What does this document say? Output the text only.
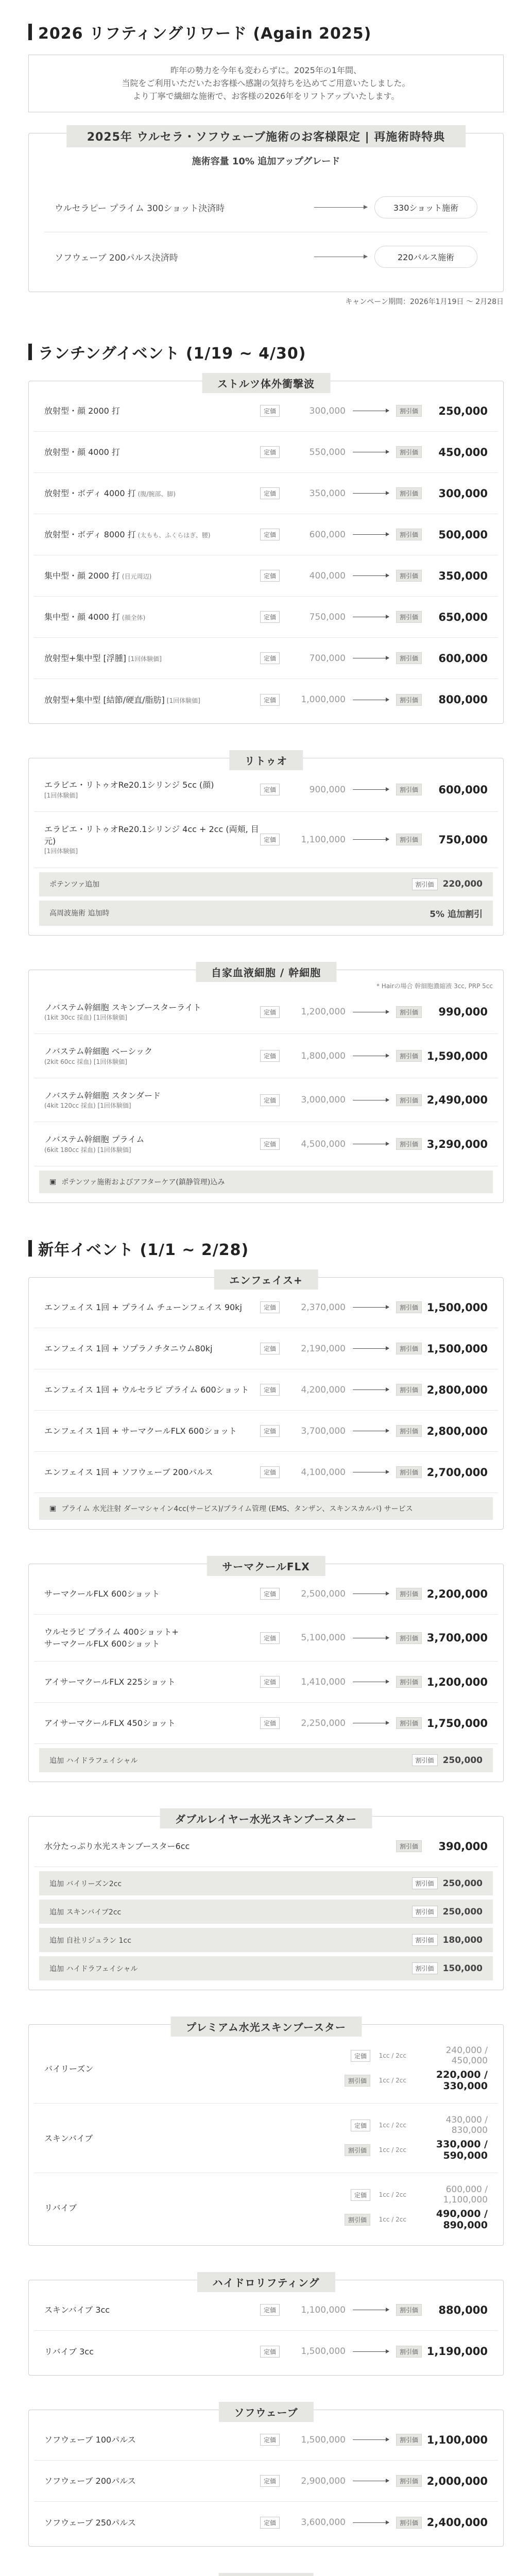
2026 リフティングリワード (Again 2025)
昨年の勢力を今年も変わらずに。2025年の1年間、
当院をご利用いただいたお客様へ感謝の気持ちを込めてご用意いたしました。
より丁寧で繊細な施術で、お客様の2026年をリフトアップいたします。
2025年 ウルセラ・ソフウェーブ施術のお客様限定 | 再施術時特典
施術容量 10% 追加アップグレード
ウルセラピー プライム 300ショット決済時	330ショット施術
ソフウェーブ 200パルス決済時	220パルス施術
キャンペーン期間：2026年1月19日 〜 2月28日
ランチングイベント (1/19 ~ 4/30)
ストルツ体外衝撃波
放射型・顔 2000 打	定価	300,000	割引価	250,000
放射型・顔 4000 打	定価	550,000	割引価	450,000
放射型・ボディ 4000 打 (腹/腕部、脚)	定価	350,000	割引価	300,000
放射型・ボディ 8000 打 (太もも、ふくらはぎ、腰)	定価	600,000	割引価	500,000
集中型・顔 2000 打 (目元周辺)	定価	400,000	割引価	350,000
集中型・顔 4000 打 (顔全体)	定価	750,000	割引価	650,000
放射型+集中型 [浮腫] [1回体験価]	定価	700,000	割引価	600,000
放射型+集中型 [結節/硬直/脂肪] [1回体験価]	定価	1,000,000	割引価	800,000
リトゥオ
エラビエ・リトゥオRe20.1シリンジ 5cc (顔)
[1回体験価]
定価	900,000	割引価	600,000
エラビエ・リトゥオRe20.1シリンジ 4cc + 2cc (両頬, 目元)
[1回体験価]
定価	1,100,000	割引価	750,000
ポテンツァ追加	割引価	220,000
高周波施術 追加時	5% 追加割引
自家血液細胞 / 幹細胞
* Hairの場合 幹細胞濃縮液 3cc, PRP 5cc
ノバステム幹細胞 スキンブースターライト
(1kit 30cc 採血) [1回体験価]
定価	1,200,000	割引価	990,000
ノバステム幹細胞 ベーシック
(2kit 60cc 採血) [1回体験価]
定価	1,800,000	割引価 1,590,000
ノバステム幹細胞 スタンダード
(4kit 120cc 採血) [1回体験価]
定価	3,000,000	割引価 2,490,000
ノバステム幹細胞 プライム
(6kit 180cc 採血) [1回体験価]
定価	4,500,000	割引価 3,290,000
▣ ポテンツァ施術およびアフターケア(鎮静管理)込み
新年イベント (1/1 ~ 2/28)
エンフェイス+
エンフェイス 1回 + プライム チューンフェイス 90kj	定価	2,370,000	割引価 1,500,000
エンフェイス 1回 + ソプラノチタニウム80kj	定価	2,190,000	割引価 1,500,000
エンフェイス 1回 + ウルセラピ プライム 600ショット	定価	4,200,000	割引価 2,800,000
エンフェイス 1回 + サーマクールFLX 600ショット	定価	3,700,000	割引価 2,800,000
エンフェイス 1回 + ソフウェーブ 200パルス	定価	4,100,000	割引価 2,700,000
▣ プライム 水光注射 ダーマシャイン4cc(サービス)/プライム管理 (EMS、タンザン、スキンスカルパ) サービス
サーマクールFLX
サーマクールFLX 600ショット	定価	2,500,000	割引価 2,200,000
ウルセラピ プライム 400ショット+
サーマクールFLX 600ショット
定価	5,100,000	割引価 3,700,000
アイサーマクールFLX 225ショット	定価	1,410,000	割引価 1,200,000
アイサーマクールFLX 450ショット	定価	2,250,000	割引価 1,750,000
追加 ハイドラフェイシャル	割引価	250,000
ダブルレイヤー水光スキンブースター
水分たっぷり水光スキンブースター6cc	割引価	390,000
追加 バイリーズン2cc	割引価	250,000
追加 スキンバイブ2cc	割引価	250,000
追加 自社リジュラン 1cc	割引価	180,000
追加 ハイドラフェイシャル	割引価	150,000
プレミアム水光スキンブースター
バイリーズン
定価	1cc / 2cc	240,000 / 450,000
割引価	1cc / 2cc	220,000 / 330,000
スキンバイブ
定価	1cc / 2cc	430,000 / 830,000
割引価	1cc / 2cc	330,000 / 590,000
リバイブ
定価	1cc / 2cc	600,000 / 1,100,000
割引価	1cc / 2cc	490,000 / 890,000
ハイドロリフティング
スキンバイブ 3cc	定価	1,100,000	割引価	880,000
リバイブ 3cc	定価	1,500,000	割引価 1,190,000
ソフウェーブ
ソフウェーブ 100パルス	定価	1,500,000	割引価 1,100,000
ソフウェーブ 200パルス	定価	2,900,000	割引価 2,000,000
ソフウェーブ 250パルス	定価	3,600,000	割引価 2,400,000
